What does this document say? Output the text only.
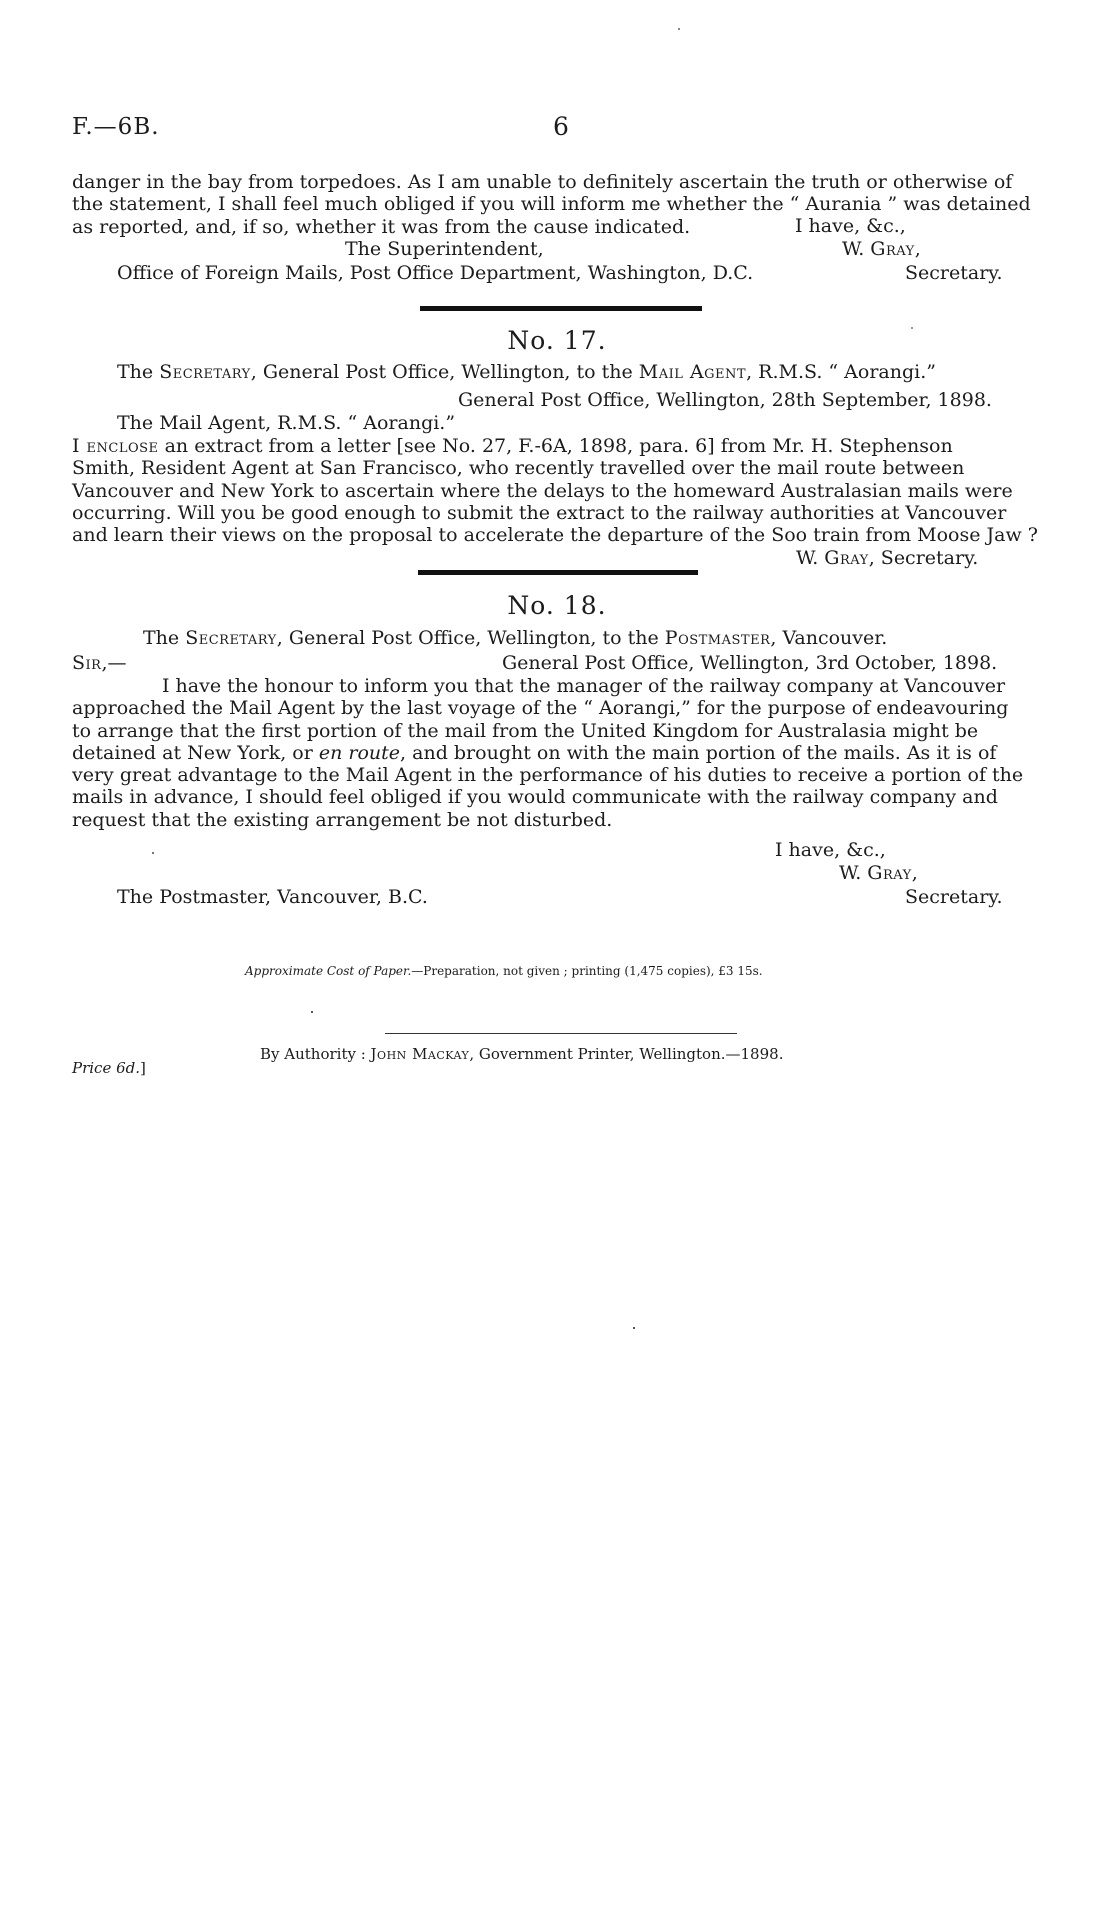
F.—6B.	6
danger in the bay from torpedoes. As I am unable to definitely ascertain the truth or otherwise of
the statement, I shall feel much obliged if you will inform me whether the “ Aurania ” was detained
as reported, and, if so, whether it was from the cause indicated.	I have, &c.,
The Superintendent,	W. Gray,
Office of Foreign Mails, Post Office Department, Washington, D.C.	Secretary.
No. 17.
The Secretary, General Post Office, Wellington, to the Mail Agent, R.M.S. “ Aorangi.”
General Post Office, Wellington, 28th September, 1898.
The Mail Agent, R.M.S. “ Aorangi.”
I enclose an extract from a letter [see No. 27, F.-6A, 1898, para. 6] from Mr. H. Stephenson
Smith, Resident Agent at San Francisco, who recently travelled over the mail route between
Vancouver and New York to ascertain where the delays to the homeward Australasian mails were
occurring. Will you be good enough to submit the extract to the railway authorities at Vancouver
and learn their views on the proposal to accelerate the departure of the Soo train from Moose Jaw ?
W. Gray, Secretary.
No. 18.
The Secretary, General Post Office, Wellington, to the Postmaster, Vancouver.
Sir,—	General Post Office, Wellington, 3rd October, 1898.
I have the honour to inform you that the manager of the railway company at Vancouver
approached the Mail Agent by the last voyage of the “ Aorangi,” for the purpose of endeavouring
to arrange that the first portion of the mail from the United Kingdom for Australasia might be
detained at New York, or en route, and brought on with the main portion of the mails. As it is of
very great advantage to the Mail Agent in the performance of his duties to receive a portion of the
mails in advance, I should feel obliged if you would communicate with the railway company and
request that the existing arrangement be not disturbed.
I have, &c.,
W. Gray,
The Postmaster, Vancouver, B.C.	Secretary.
Approximate Cost of Paper.—Preparation, not given ; printing (1,475 copies), £3 15s.
By Authority : John Mackay, Government Printer, Wellington.—1898.
Price 6d.]
